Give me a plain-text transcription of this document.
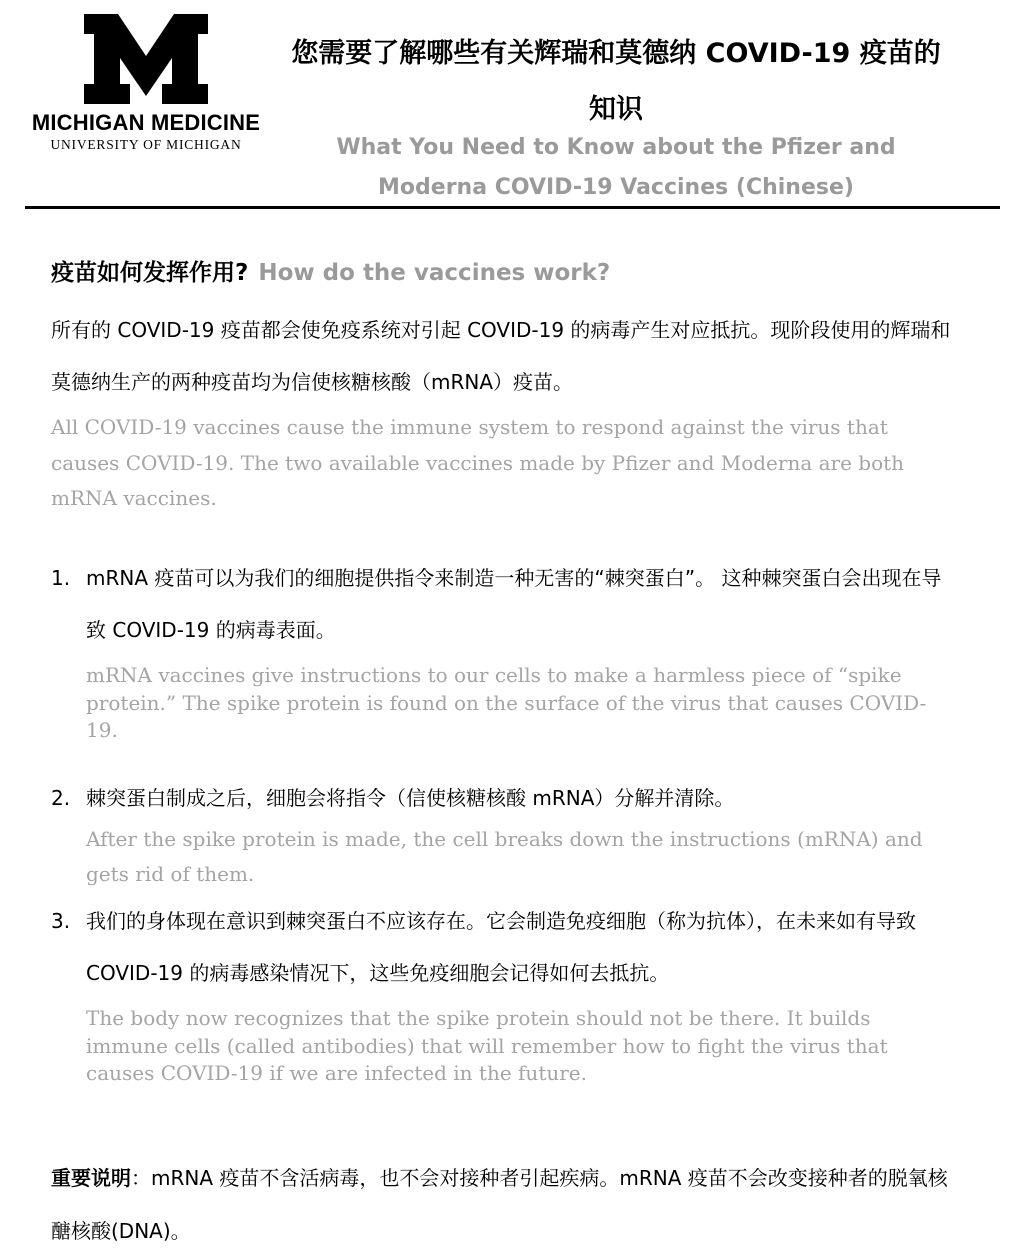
MICHIGAN MEDICINE
UNIVERSITY OF MICHIGAN
您需要了解哪些有关辉瑞和莫德纳 COVID-19 疫苗的知识
What You Need to Know about the Pfizer and Moderna COVID-19 Vaccines (Chinese)
疫苗如何发挥作用? How do the vaccines work?
所有的 COVID-19 疫苗都会使免疫系统对引起 COVID-19 的病毒产生对应抵抗。现阶段使用的辉瑞和莫德纳生产的两种疫苗均为信使核糖核酸（mRNA）疫苗。
All COVID-19 vaccines cause the immune system to respond against the virus that causes COVID-19. The two available vaccines made by Pfizer and Moderna are both mRNA vaccines.
1. mRNA 疫苗可以为我们的细胞提供指令来制造一种无害的“棘突蛋白”。 这种棘突蛋白会出现在导致 COVID-19 的病毒表面。
mRNA vaccines give instructions to our cells to make a harmless piece of “spike protein.” The spike protein is found on the surface of the virus that causes COVID-19.
2. 棘突蛋白制成之后，细胞会将指令（信使核糖核酸 mRNA）分解并清除。
After the spike protein is made, the cell breaks down the instructions (mRNA) and gets rid of them.
3. 我们的身体现在意识到棘突蛋白不应该存在。它会制造免疫细胞（称为抗体），在未来如有导致 COVID-19 的病毒感染情况下，这些免疫细胞会记得如何去抵抗。
The body now recognizes that the spike protein should not be there. It builds immune cells (called antibodies) that will remember how to fight the virus that causes COVID-19 if we are infected in the future.
重要说明：mRNA 疫苗不含活病毒，也不会对接种者引起疾病。mRNA 疫苗不会改变接种者的脱氧核醣核酸(DNA)。
